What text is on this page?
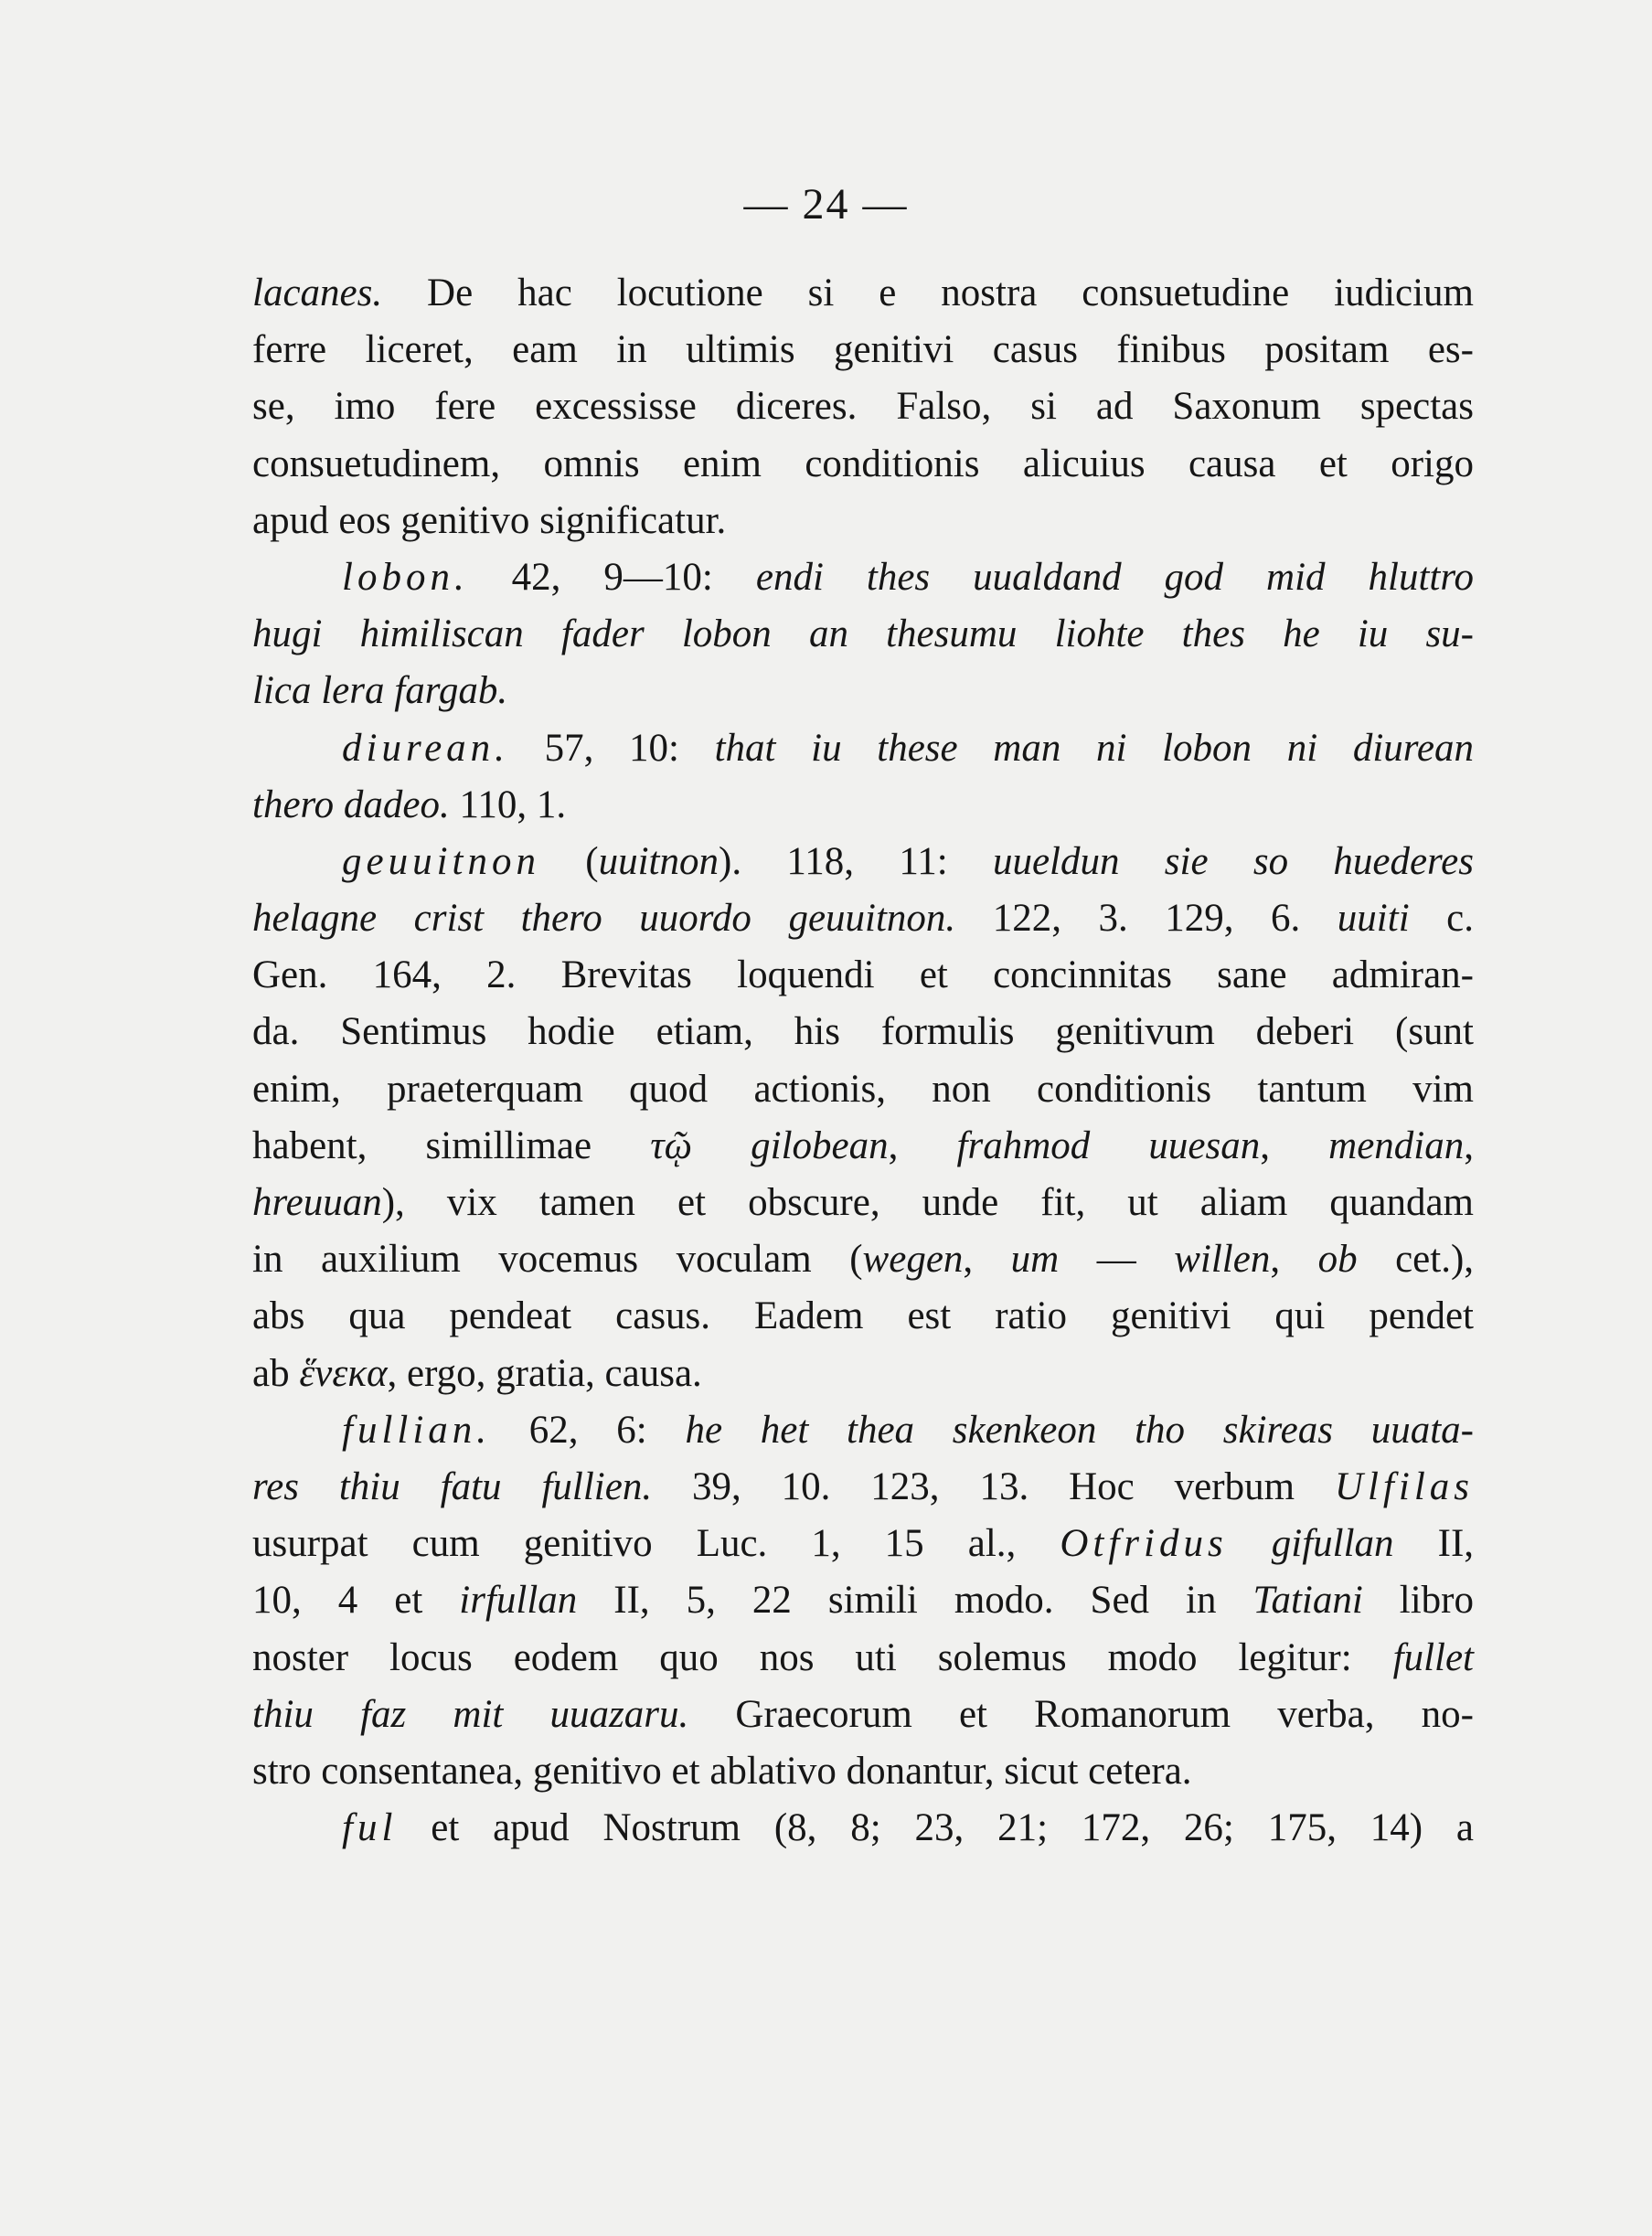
— 24 —
lacanes. De hac locutione si e nostra consuetudine iudicium
ferre liceret, eam in ultimis genitivi casus finibus positam es-
se, imo fere excessisse diceres. Falso, si ad Saxonum spectas
consuetudinem, omnis enim conditionis alicuius causa et origo
apud eos genitivo significatur.
lobon. 42, 9—10: endi thes uualdand god mid hluttro
hugi himiliscan fader lobon an thesumu liohte thes he iu su-
lica lera fargab.
diurean. 57, 10: that iu these man ni lobon ni diurean
thero dadeo. 110, 1.
geuuitnon (uuitnon). 118, 11: uueldun sie so huederes
helagne crist thero uuordo geuuitnon. 122, 3. 129, 6. uuiti c.
Gen. 164, 2. Brevitas loquendi et concinnitas sane admiran-
da. Sentimus hodie etiam, his formulis genitivum deberi (sunt
enim, praeterquam quod actionis, non conditionis tantum vim
habent, simillimae τῷ gilobean, frahmod uuesan, mendian,
hreuuan), vix tamen et obscure, unde fit, ut aliam quandam
in auxilium vocemus voculam (wegen, um — willen, ob cet.),
abs qua pendeat casus. Eadem est ratio genitivi qui pendet
ab ἕνεκα, ergo, gratia, causa.
fullian. 62, 6: he het thea skenkeon tho skireas uuata-
res thiu fatu fullien. 39, 10. 123, 13. Hoc verbum Ulfilas
usurpat cum genitivo Luc. 1, 15 al., Otfridus gifullan II,
10, 4 et irfullan II, 5, 22 simili modo. Sed in Tatiani libro
noster locus eodem quo nos uti solemus modo legitur: fullet
thiu faz mit uuazaru. Graecorum et Romanorum verba, no-
stro consentanea, genitivo et ablativo donantur, sicut cetera.
ful et apud Nostrum (8, 8; 23, 21; 172, 26; 175, 14) a
